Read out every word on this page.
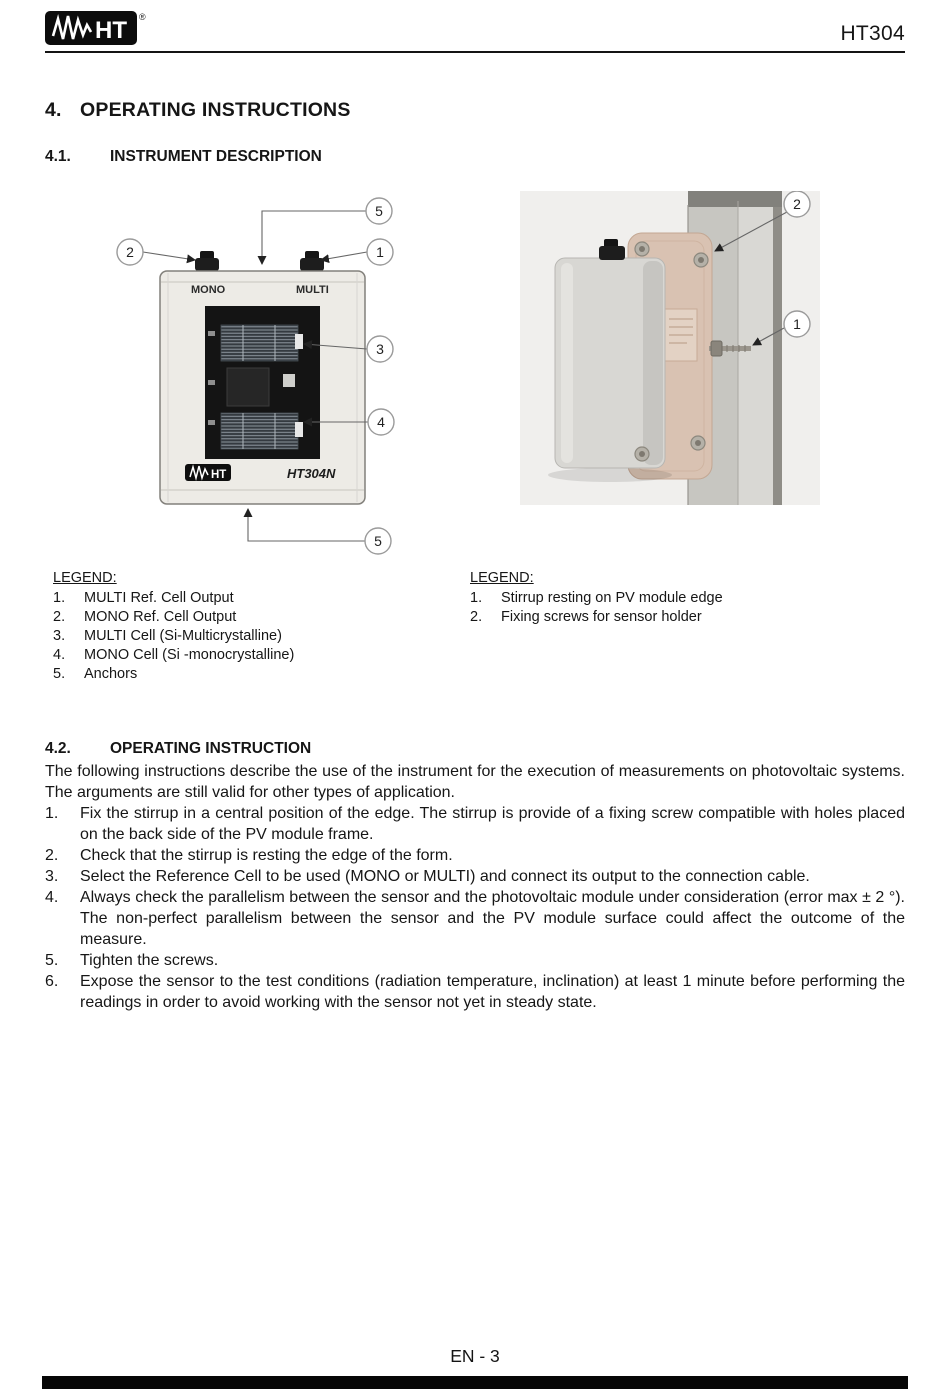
HT ®
HT304
4. OPERATING INSTRUCTIONS
4.1.	INSTRUMENT DESCRIPTION
MONO	MULTI
HT	HT304N
5
2	1
3
4
5
2
1
LEGEND:
1.	MULTI Ref. Cell Output
2.	MONO Ref. Cell Output
3.	MULTI Cell (Si-Multicrystalline)
4.	MONO Cell (Si -monocrystalline)
5.	Anchors
LEGEND:
1.	Stirrup resting on PV module edge
2.	Fixing screws for sensor holder
4.2.	OPERATING INSTRUCTION

The following instructions describe the use of the instrument for the execution of measurements on photovoltaic systems. The arguments are still valid for other types of application.

1.	Fix the stirrup in a central position of the edge. The stirrup is provide of a fixing screw compatible with holes placed on the back side of the PV module frame.
2.	Check that the stirrup is resting the edge of the form.
3.	Select the Reference Cell to be used (MONO or MULTI) and connect its output to the connection cable.
4.	Always check the parallelism between the sensor and the photovoltaic module under consideration (error max ± 2 °). The non-perfect parallelism between the sensor and the PV module surface could affect the outcome of the measure.
5.	Tighten the screws.
6.	Expose the sensor to the test conditions (radiation temperature, inclination) at least 1 minute before performing the readings in order to avoid working with the sensor not yet in steady state.
EN - 3
